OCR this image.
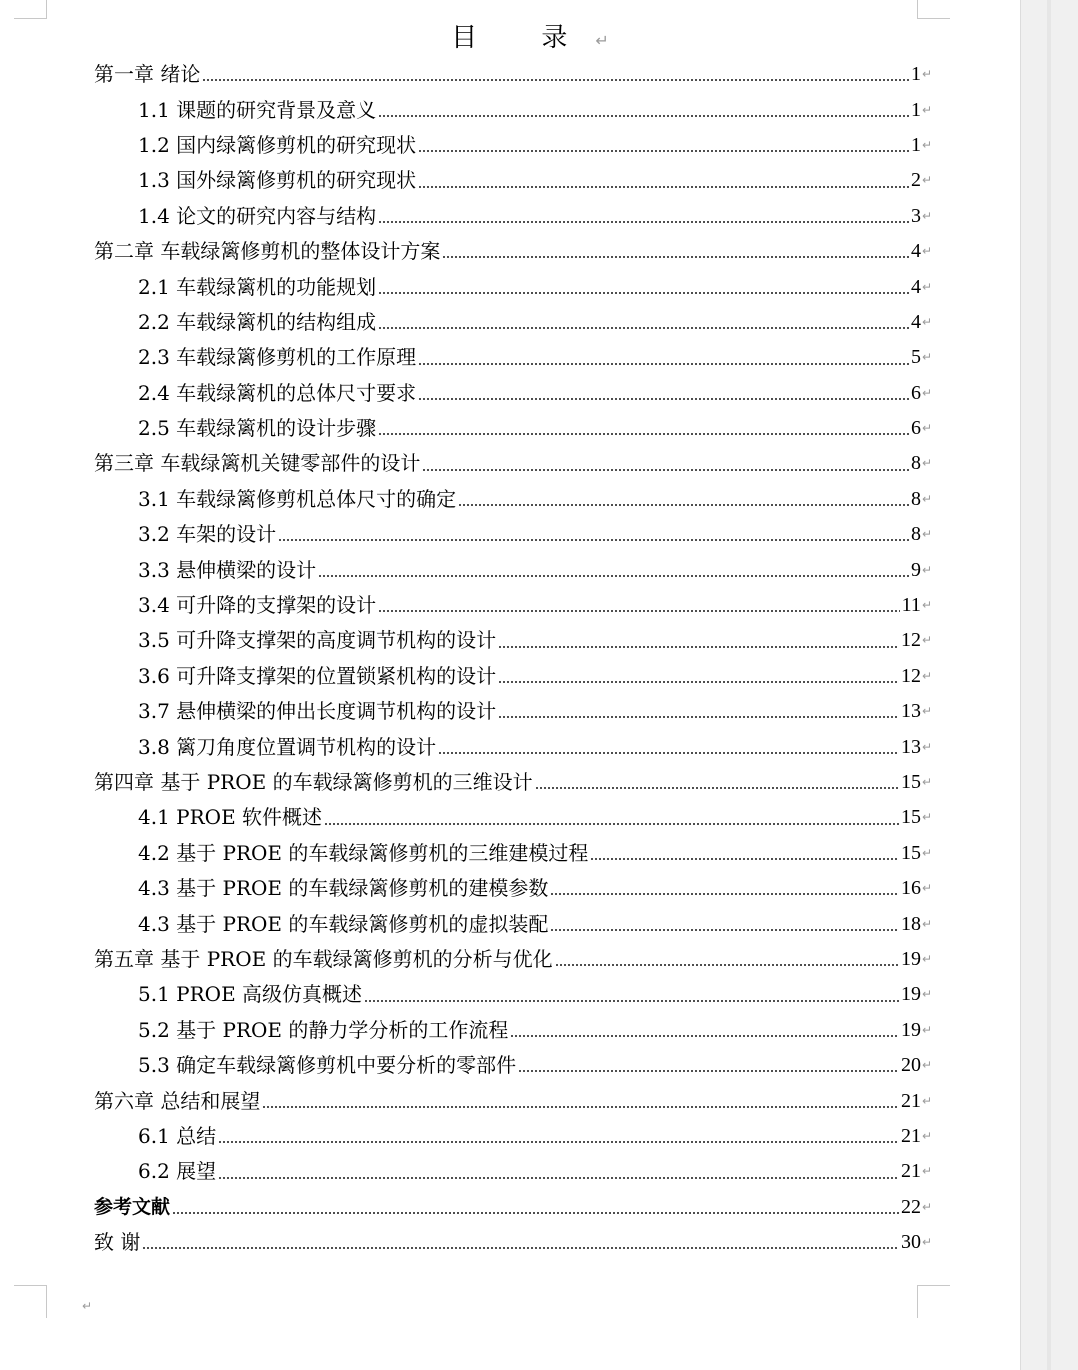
目 录↵
第一章 绪论	1 ↵
1.1 课题的研究背景及意义	1 ↵
1.2 国内绿篱修剪机的研究现状	1 ↵
1.3 国外绿篱修剪机的研究现状	2 ↵
1.4 论文的研究内容与结构	3 ↵
第二章 车载绿篱修剪机的整体设计方案	4 ↵
2.1 车载绿篱机的功能规划	4 ↵
2.2 车载绿篱机的结构组成	4 ↵
2.3 车载绿篱修剪机的工作原理	5 ↵
2.4 车载绿篱机的总体尺寸要求	6 ↵
2.5 车载绿篱机的设计步骤	6 ↵
第三章 车载绿篱机关键零部件的设计	8 ↵
3.1 车载绿篱修剪机总体尺寸的确定	8 ↵
3.2 车架的设计	8 ↵
3.3 悬伸横梁的设计	9 ↵
3.4 可升降的支撑架的设计	11 ↵
3.5 可升降支撑架的高度调节机构的设计	12 ↵
3.6 可升降支撑架的位置锁紧机构的设计	12 ↵
3.7 悬伸横梁的伸出长度调节机构的设计	13 ↵
3.8 篱刀角度位置调节机构的设计	13 ↵
第四章 基于 PROE 的车载绿篱修剪机的三维设计	15 ↵
4.1 PROE 软件概述	15 ↵
4.2 基于 PROE 的车载绿篱修剪机的三维建模过程	15 ↵
4.3 基于 PROE 的车载绿篱修剪机的建模参数	16 ↵
4.3 基于 PROE 的车载绿篱修剪机的虚拟装配	18 ↵
第五章 基于 PROE 的车载绿篱修剪机的分析与优化	19 ↵
5.1 PROE 高级仿真概述	19 ↵
5.2 基于 PROE 的静力学分析的工作流程	19 ↵
5.3 确定车载绿篱修剪机中要分析的零部件	20 ↵
第六章 总结和展望	21 ↵
6.1 总结	21 ↵
6.2 展望	21 ↵
参考文献	22 ↵
致 谢	30 ↵
↵
